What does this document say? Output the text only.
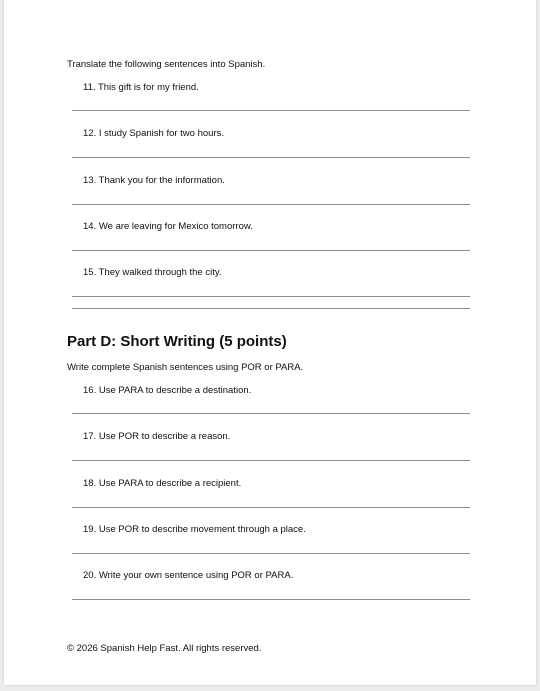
Translate the following sentences into Spanish.
11. This gift is for my friend.
12. I study Spanish for two hours.
13. Thank you for the information.
14. We are leaving for Mexico tomorrow.
15. They walked through the city.
Part D: Short Writing (5 points)
Write complete Spanish sentences using POR or PARA.
16. Use PARA to describe a destination.
17. Use POR to describe a reason.
18. Use PARA to describe a recipient.
19. Use POR to describe movement through a place.
20. Write your own sentence using POR or PARA.
© 2026 Spanish Help Fast. All rights reserved.
